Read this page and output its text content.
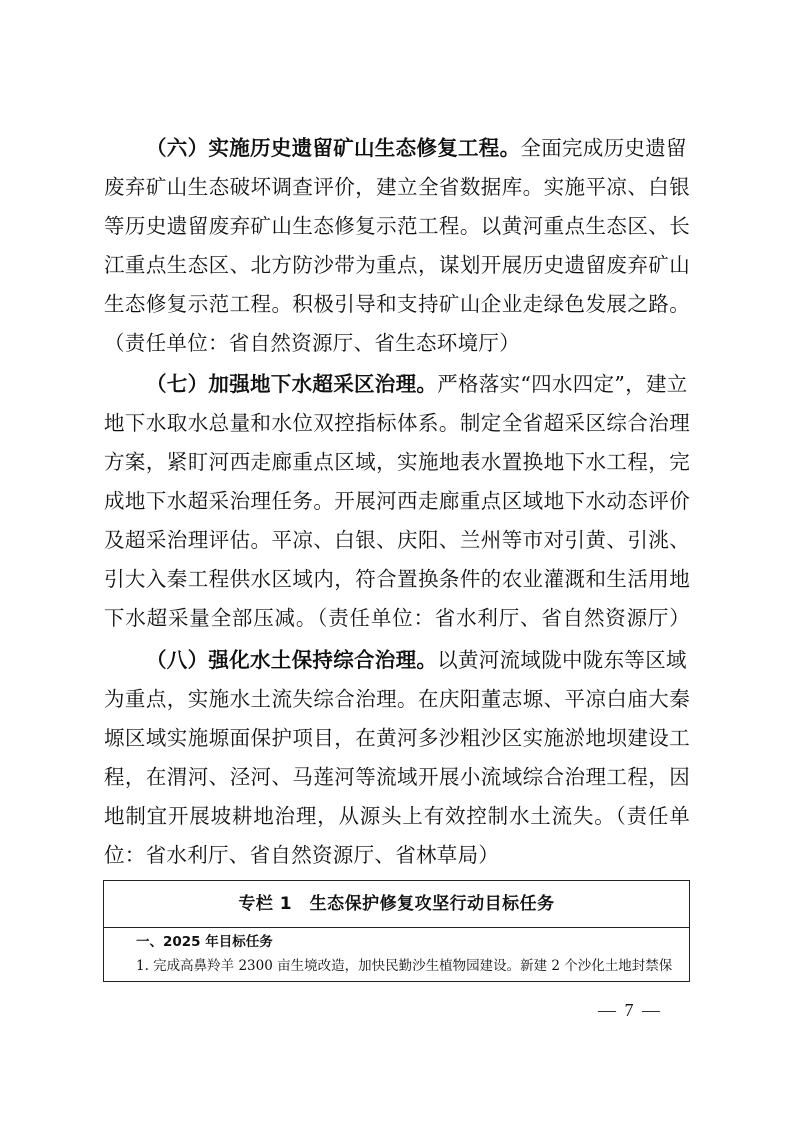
（六）实施历史遗留矿山生态修复工程。全面完成历史遗留
废弃矿山生态破坏调查评价，建立全省数据库。实施平凉、白银
等历史遗留废弃矿山生态修复示范工程。以黄河重点生态区、长
江重点生态区、北方防沙带为重点，谋划开展历史遗留废弃矿山
生态修复示范工程。积极引导和支持矿山企业走绿色发展之路。
（责任单位：省自然资源厅、省生态环境厅）
（七）加强地下水超采区治理。严格落实“四水四定”，建立
地下水取水总量和水位双控指标体系。制定全省超采区综合治理
方案，紧盯河西走廊重点区域，实施地表水置换地下水工程，完
成地下水超采治理任务。开展河西走廊重点区域地下水动态评价
及超采治理评估。平凉、白银、庆阳、兰州等市对引黄、引洮、
引大入秦工程供水区域内，符合置换条件的农业灌溉和生活用地
下水超采量全部压减。（责任单位：省水利厅、省自然资源厅）
（八）强化水土保持综合治理。以黄河流域陇中陇东等区域
为重点，实施水土流失综合治理。在庆阳董志塬、平凉白庙大秦
塬区域实施塬面保护项目，在黄河多沙粗沙区实施淤地坝建设工
程，在渭河、泾河、马莲河等流域开展小流域综合治理工程，因
地制宜开展坡耕地治理，从源头上有效控制水土流失。（责任单
位：省水利厅、省自然资源厅、省林草局）
专栏 1　生态保护修复攻坚行动目标任务
一、2025 年目标任务
1. 完成高鼻羚羊 2300 亩生境改造，加快民勤沙生植物园建设。新建 2 个沙化土地封禁保
— 7 —
